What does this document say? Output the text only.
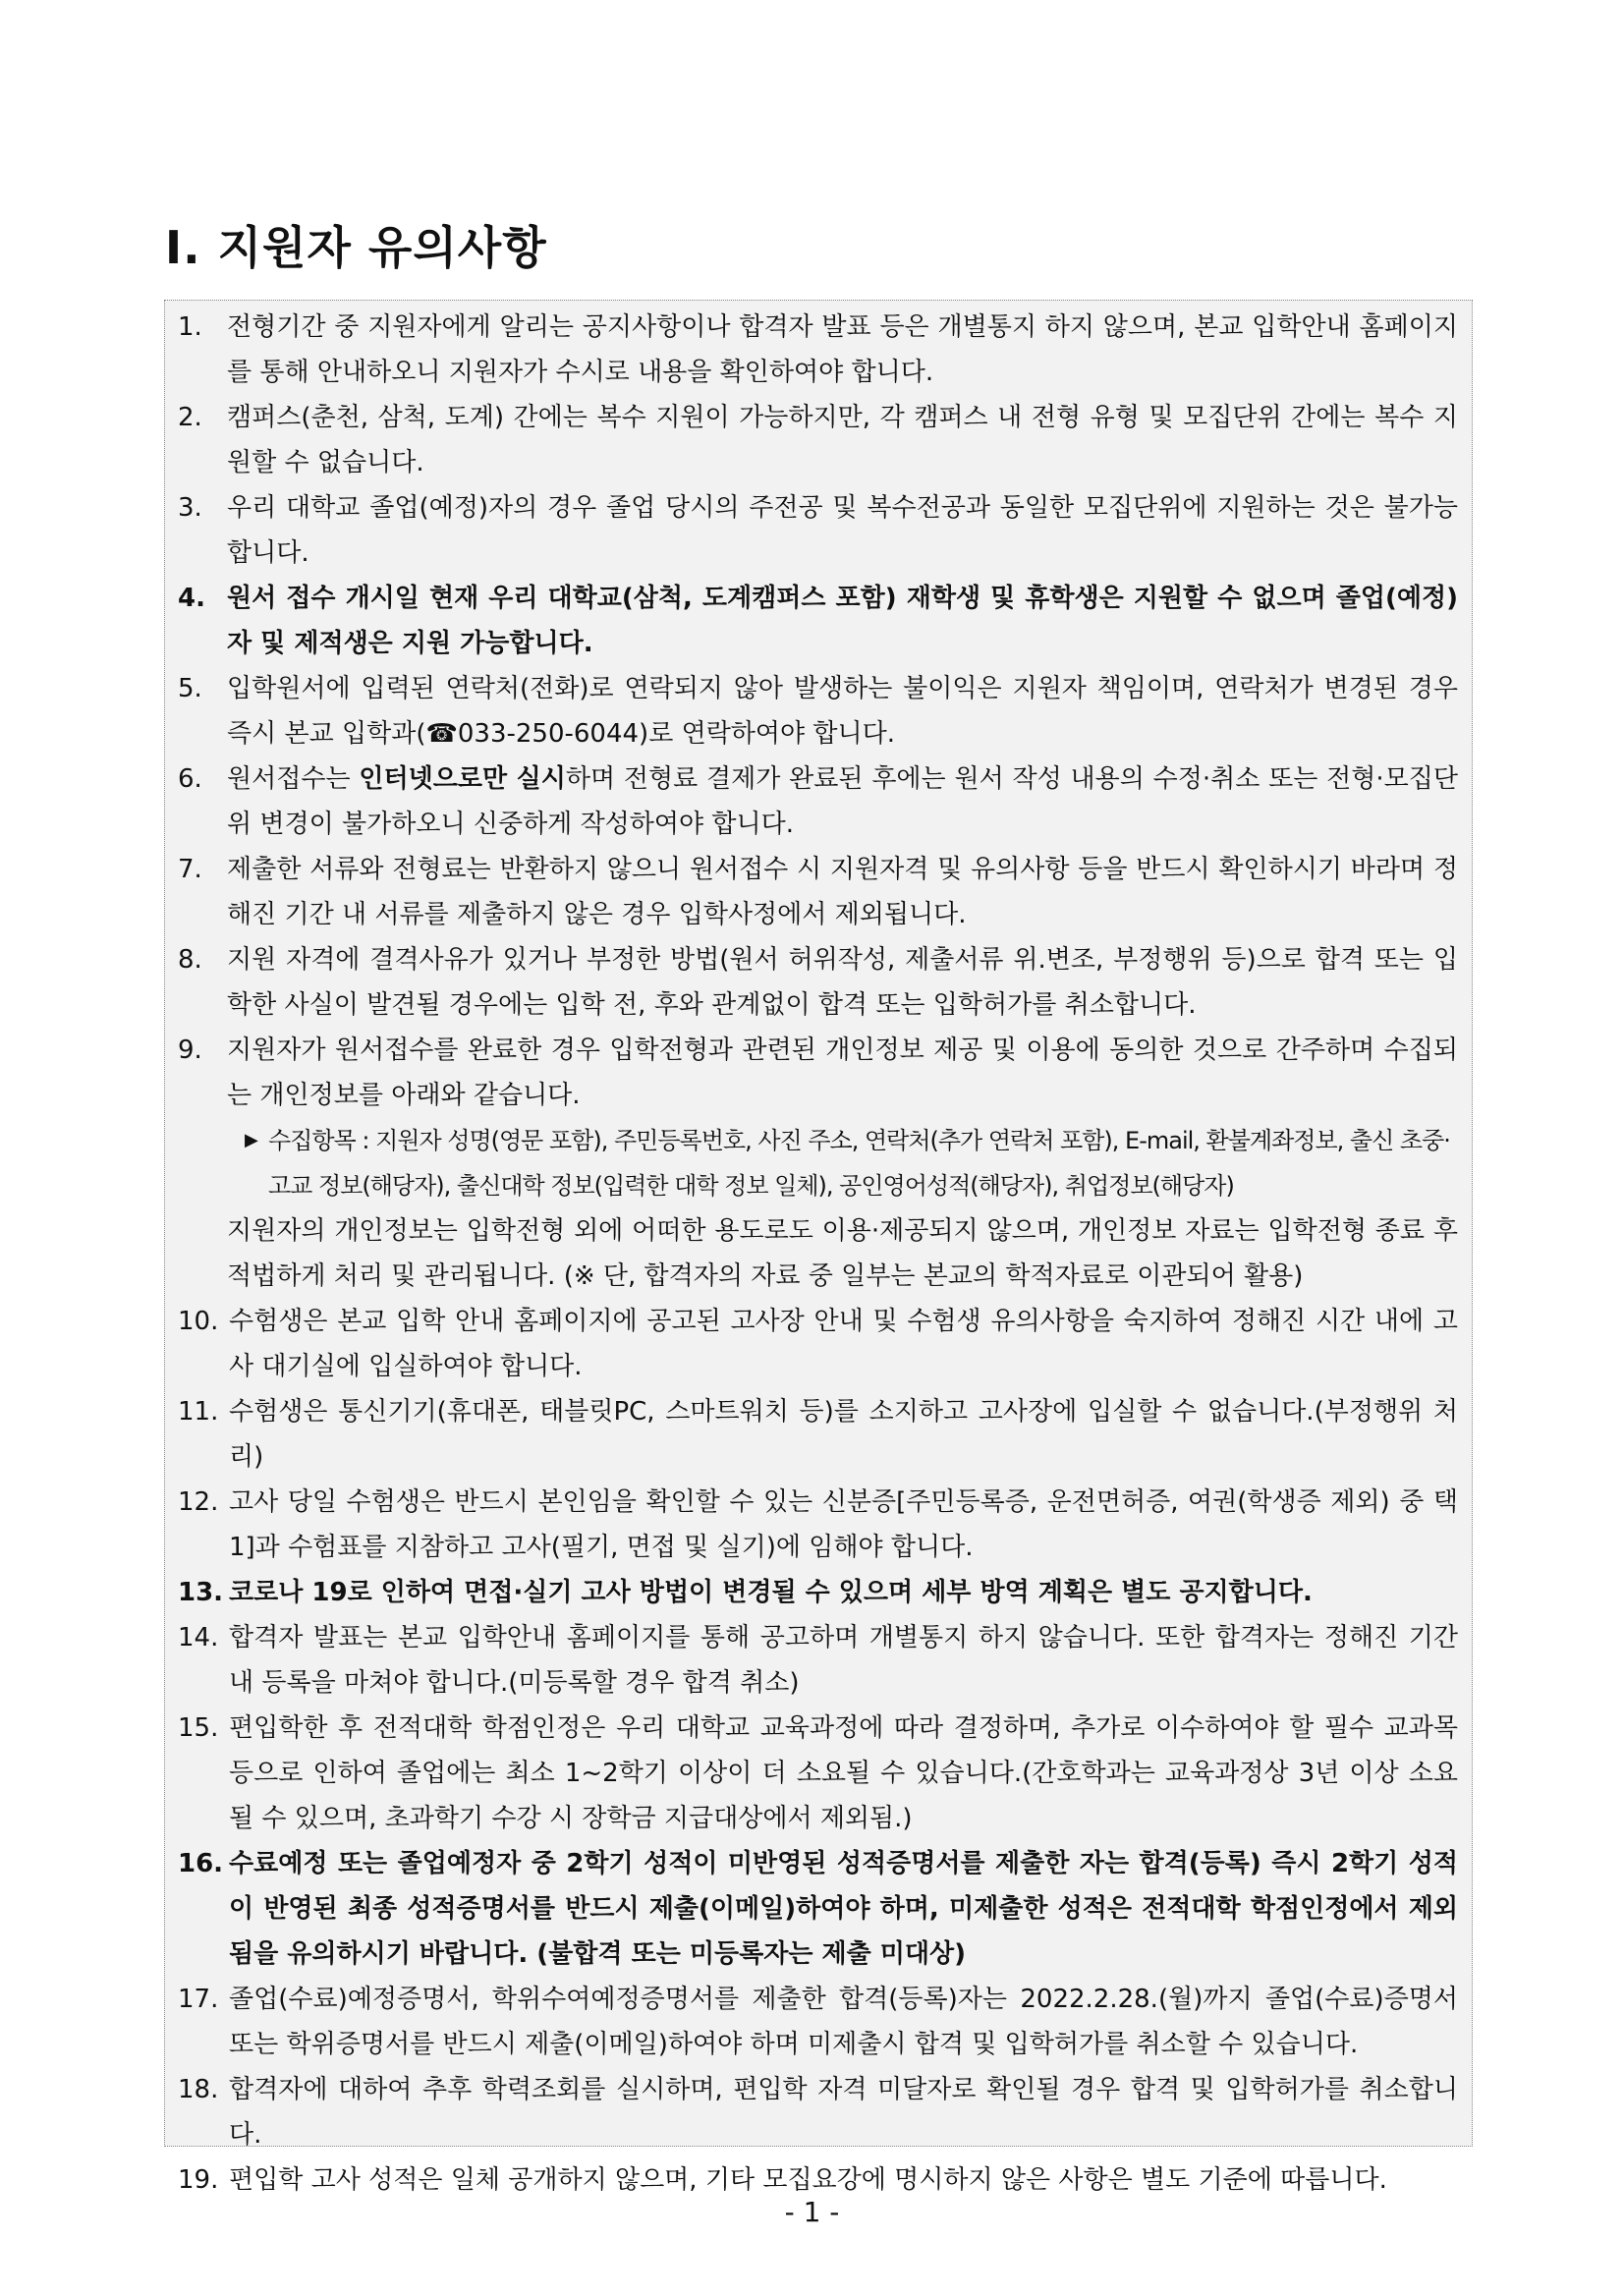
Ⅰ. 지원자 유의사항
1. 전형기간 중 지원자에게 알리는 공지사항이나 합격자 발표 등은 개별통지 하지 않으며, 본교 입학안내 홈페이지를 통해 안내하오니 지원자가 수시로 내용을 확인하여야 합니다.
2. 캠퍼스(춘천, 삼척, 도계) 간에는 복수 지원이 가능하지만, 각 캠퍼스 내 전형 유형 및 모집단위 간에는 복수 지원할 수 없습니다.
3. 우리 대학교 졸업(예정)자의 경우 졸업 당시의 주전공 및 복수전공과 동일한 모집단위에 지원하는 것은 불가능합니다.
4. 원서 접수 개시일 현재 우리 대학교(삼척, 도계캠퍼스 포함) 재학생 및 휴학생은 지원할 수 없으며 졸업(예정)자 및 제적생은 지원 가능합니다.
5. 입학원서에 입력된 연락처(전화)로 연락되지 않아 발생하는 불이익은 지원자 책임이며, 연락처가 변경된 경우 즉시 본교 입학과(☎033-250-6044)로 연락하여야 합니다.
6. 원서접수는 인터넷으로만 실시하며 전형료 결제가 완료된 후에는 원서 작성 내용의 수정·취소 또는 전형·모집단위 변경이 불가하오니 신중하게 작성하여야 합니다.
7. 제출한 서류와 전형료는 반환하지 않으니 원서접수 시 지원자격 및 유의사항 등을 반드시 확인하시기 바라며 정해진 기간 내 서류를 제출하지 않은 경우 입학사정에서 제외됩니다.
8. 지원 자격에 결격사유가 있거나 부정한 방법(원서 허위작성, 제출서류 위.변조, 부정행위 등)으로 합격 또는 입학한 사실이 발견될 경우에는 입학 전, 후와 관계없이 합격 또는 입학허가를 취소합니다.
9. 지원자가 원서접수를 완료한 경우 입학전형과 관련된 개인정보 제공 및 이용에 동의한 것으로 간주하며 수집되는 개인정보를 아래와 같습니다.
▶ 수집항목 : 지원자 성명(영문 포함), 주민등록번호, 사진 주소, 연락처(추가 연락처 포함), E-mail, 환불계좌정보, 출신 초중·고교 정보(해당자), 출신대학 정보(입력한 대학 정보 일체), 공인영어성적(해당자), 취업정보(해당자)
지원자의 개인정보는 입학전형 외에 어떠한 용도로도 이용·제공되지 않으며, 개인정보 자료는 입학전형 종료 후 적법하게 처리 및 관리됩니다. (※ 단, 합격자의 자료 중 일부는 본교의 학적자료로 이관되어 활용)
10. 수험생은 본교 입학 안내 홈페이지에 공고된 고사장 안내 및 수험생 유의사항을 숙지하여 정해진 시간 내에 고사 대기실에 입실하여야 합니다.
11. 수험생은 통신기기(휴대폰, 태블릿PC, 스마트워치 등)를 소지하고 고사장에 입실할 수 없습니다.(부정행위 처리)
12. 고사 당일 수험생은 반드시 본인임을 확인할 수 있는 신분증[주민등록증, 운전면허증, 여권(학생증 제외) 중 택1]과 수험표를 지참하고 고사(필기, 면접 및 실기)에 임해야 합니다.
13. 코로나 19로 인하여 면접·실기 고사 방법이 변경될 수 있으며 세부 방역 계획은 별도 공지합니다.
14. 합격자 발표는 본교 입학안내 홈페이지를 통해 공고하며 개별통지 하지 않습니다. 또한 합격자는 정해진 기간 내 등록을 마쳐야 합니다.(미등록할 경우 합격 취소)
15. 편입학한 후 전적대학 학점인정은 우리 대학교 교육과정에 따라 결정하며, 추가로 이수하여야 할 필수 교과목 등으로 인하여 졸업에는 최소 1~2학기 이상이 더 소요될 수 있습니다.(간호학과는 교육과정상 3년 이상 소요될 수 있으며, 초과학기 수강 시 장학금 지급대상에서 제외됨.)
16. 수료예정 또는 졸업예정자 중 2학기 성적이 미반영된 성적증명서를 제출한 자는 합격(등록) 즉시 2학기 성적이 반영된 최종 성적증명서를 반드시 제출(이메일)하여야 하며, 미제출한 성적은 전적대학 학점인정에서 제외됨을 유의하시기 바랍니다. (불합격 또는 미등록자는 제출 미대상)
17. 졸업(수료)예정증명서, 학위수여예정증명서를 제출한 합격(등록)자는 2022.2.28.(월)까지 졸업(수료)증명서 또는 학위증명서를 반드시 제출(이메일)하여야 하며 미제출시 합격 및 입학허가를 취소할 수 있습니다.
18. 합격자에 대하여 추후 학력조회를 실시하며, 편입학 자격 미달자로 확인될 경우 합격 및 입학허가를 취소합니다.
19. 편입학 고사 성적은 일체 공개하지 않으며, 기타 모집요강에 명시하지 않은 사항은 별도 기준에 따릅니다.
- 1 -
